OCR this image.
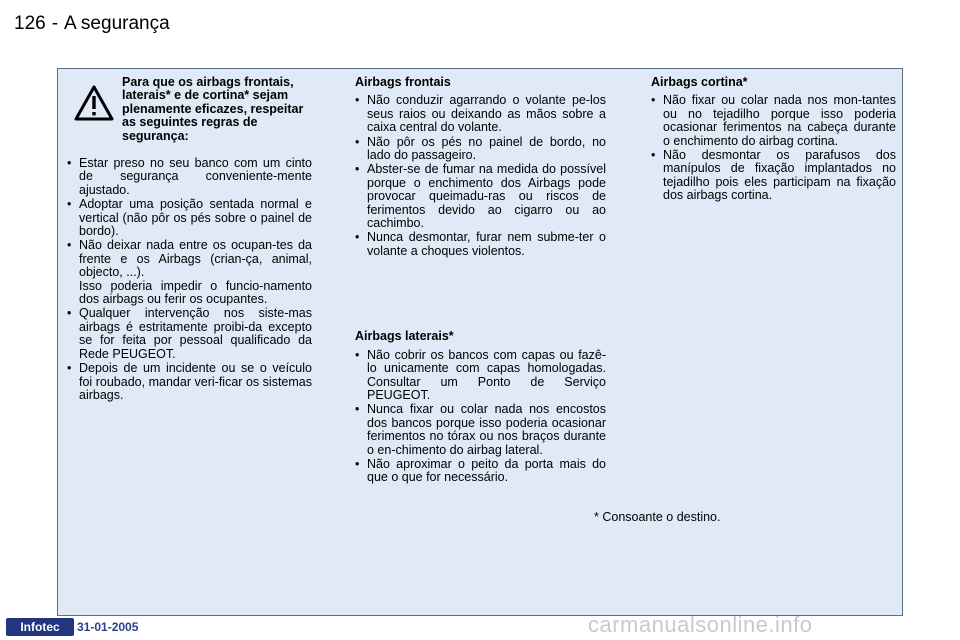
126 - A segurança
Para que os airbags frontais, laterais* e de cortina* sejam plenamente eficazes, respeitar as seguintes regras de segurança:
• Estar preso no seu banco com um cinto de segurança conveniente-mente ajustado.
• Adoptar uma posição sentada normal e vertical (não pôr os pés sobre o painel de bordo).
• Não deixar nada entre os ocupan-tes da frente e os Airbags (crian-ça, animal, objecto, ...).
Isso poderia impedir o funcio-namento dos airbags ou ferir os ocupantes.
• Qualquer intervenção nos siste-mas airbags é estritamente proibi-da excepto se for feita por pessoal qualificado da Rede PEUGEOT.
• Depois de um incidente ou se o veículo foi roubado, mandar veri-ficar os sistemas airbags.
Airbags frontais
• Não conduzir agarrando o volante pe-los seus raios ou deixando as mãos sobre a caixa central do volante.
• Não pôr os pés no painel de bordo, no lado do passageiro.
• Abster-se de fumar na medida do possível porque o enchimento dos Airbags pode provocar queimadu-ras ou riscos de ferimentos devido ao cigarro ou ao cachimbo.
• Nunca desmontar, furar nem subme-ter o volante a choques violentos.
Airbags laterais*
• Não cobrir os bancos com capas ou fazê-lo unicamente com capas homologadas. Consultar um Ponto de Serviço PEUGEOT.
• Nunca fixar ou colar nada nos encostos dos bancos porque isso poderia ocasionar ferimentos no tórax ou nos braços durante o en-chimento do airbag lateral.
• Não aproximar o peito da porta mais do que o que for necessário.
Airbags cortina*
• Não fixar ou colar nada nos mon-tantes ou no tejadilho porque isso poderia ocasionar ferimentos na cabeça durante o enchimento do airbag cortina.
• Não desmontar os parafusos dos manípulos de fixação implantados no tejadilho pois eles participam na fixação dos airbags cortina.
* Consoante o destino.
Infotec	31-01-2005	carmanualsonline.info
